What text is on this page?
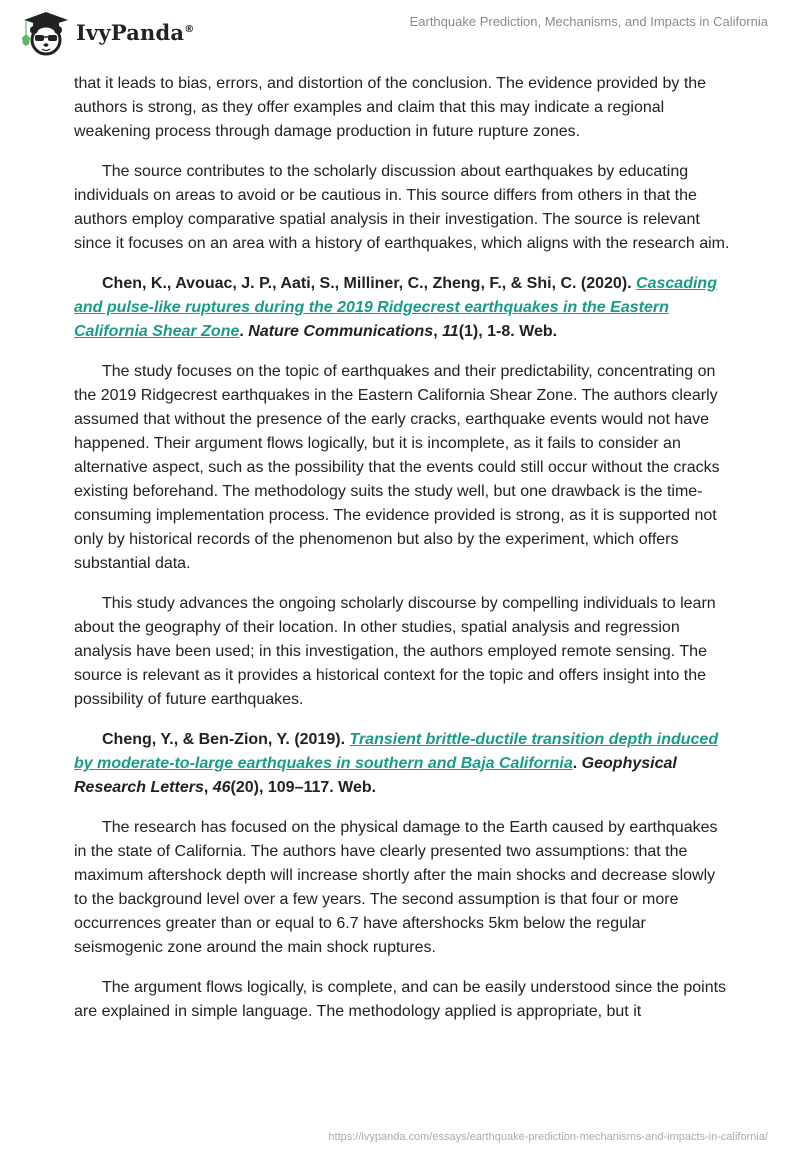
IvyPanda®	Earthquake Prediction, Mechanisms, and Impacts in California

that it leads to bias, errors, and distortion of the conclusion. The evidence provided by the authors is strong, as they offer examples and claim that this may indicate a regional weakening process through damage production in future rupture zones.

The source contributes to the scholarly discussion about earthquakes by educating individuals on areas to avoid or be cautious in. This source differs from others in that the authors employ comparative spatial analysis in their investigation. The source is relevant since it focuses on an area with a history of earthquakes, which aligns with the research aim.

Chen, K., Avouac, J. P., Aati, S., Milliner, C., Zheng, F., & Shi, C. (2020). Cascading and pulse-like ruptures during the 2019 Ridgecrest earthquakes in the Eastern California Shear Zone. Nature Communications, 11(1), 1-8. Web.

The study focuses on the topic of earthquakes and their predictability, concentrating on the 2019 Ridgecrest earthquakes in the Eastern California Shear Zone. The authors clearly assumed that without the presence of the early cracks, earthquake events would not have happened. Their argument flows logically, but it is incomplete, as it fails to consider an alternative aspect, such as the possibility that the events could still occur without the cracks existing beforehand. The methodology suits the study well, but one drawback is the time-consuming implementation process. The evidence provided is strong, as it is supported not only by historical records of the phenomenon but also by the experiment, which offers substantial data.

This study advances the ongoing scholarly discourse by compelling individuals to learn about the geography of their location. In other studies, spatial analysis and regression analysis have been used; in this investigation, the authors employed remote sensing. The source is relevant as it provides a historical context for the topic and offers insight into the possibility of future earthquakes.

Cheng, Y., & Ben-Zion, Y. (2019). Transient brittle-ductile transition depth induced by moderate-to-large earthquakes in southern and Baja California. Geophysical Research Letters, 46(20), 109–117. Web.

The research has focused on the physical damage to the Earth caused by earthquakes in the state of California. The authors have clearly presented two assumptions: that the maximum aftershock depth will increase shortly after the main shocks and decrease slowly to the background level over a few years. The second assumption is that four or more occurrences greater than or equal to 6.7 have aftershocks 5km below the regular seismogenic zone around the main shock ruptures.

The argument flows logically, is complete, and can be easily understood since the points are explained in simple language. The methodology applied is appropriate, but it

https://ivypanda.com/essays/earthquake-prediction-mechanisms-and-impacts-in-california/
